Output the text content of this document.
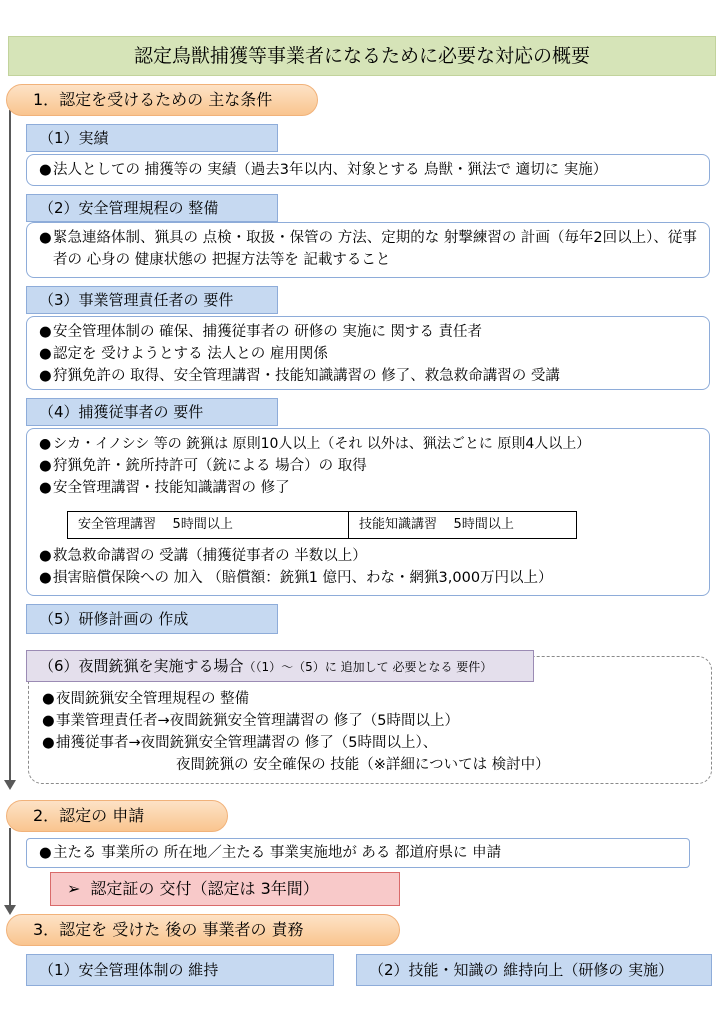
認定鳥獣捕獲等事業者になるために必要な対応の概要
1．認定を受けるための 主な条件
（1）実績
●法人としての 捕獲等の 実績（過去3年以内、対象とする 鳥獣・猟法で 適切に 実施）
（2）安全管理規程の 整備
●緊急連絡体制、猟具の 点検・取扱・保管の 方法、定期的な 射撃練習の 計画（毎年2回以上）、従事者の 心身の 健康状態の 把握方法等を 記載すること
（3）事業管理責任者の 要件
●安全管理体制の 確保、捕獲従事者の 研修の 実施に 関する 責任者
●認定を 受けようとする 法人との 雇用関係
●狩猟免許の 取得、安全管理講習・技能知識講習の 修了、救急救命講習の 受講
（4）捕獲従事者の 要件
● シカ・イノシシ 等の 銃猟は 原則10人以上（それ 以外は、猟法ごとに 原則4人以上）
●狩猟免許・銃所持許可（銃による 場合）の 取得
●安全管理講習・技能知識講習の 修了
安全管理講習 5時間以上	技能知識講習 5時間以上
●救急救命講習の 受講（捕獲従事者の 半数以上）
●損害賠償保険への 加入 （賠償額：銃猟1 億円、わな・網猟3,000万円以上）
（5）研修計画の 作成
（6）夜間銃猟を実施する場合（（1）～（5）に 追加して 必要となる 要件）
●夜間銃猟安全管理規程の 整備
●事業管理責任者→夜間銃猟安全管理講習の 修了（5時間以上）
●捕獲従事者→夜間銃猟安全管理講習の 修了（5時間以上）、
夜間銃猟の 安全確保の 技能（※詳細については 検討中）
2．認定の 申請
●主たる 事業所の 所在地／主たる 事業実施地が ある 都道府県に 申請
➢ 認定証の 交付（認定は 3年間）
3．認定を 受けた 後の 事業者の 責務
（1）安全管理体制の 維持	（2）技能・知識の 維持向上（研修の 実施）
